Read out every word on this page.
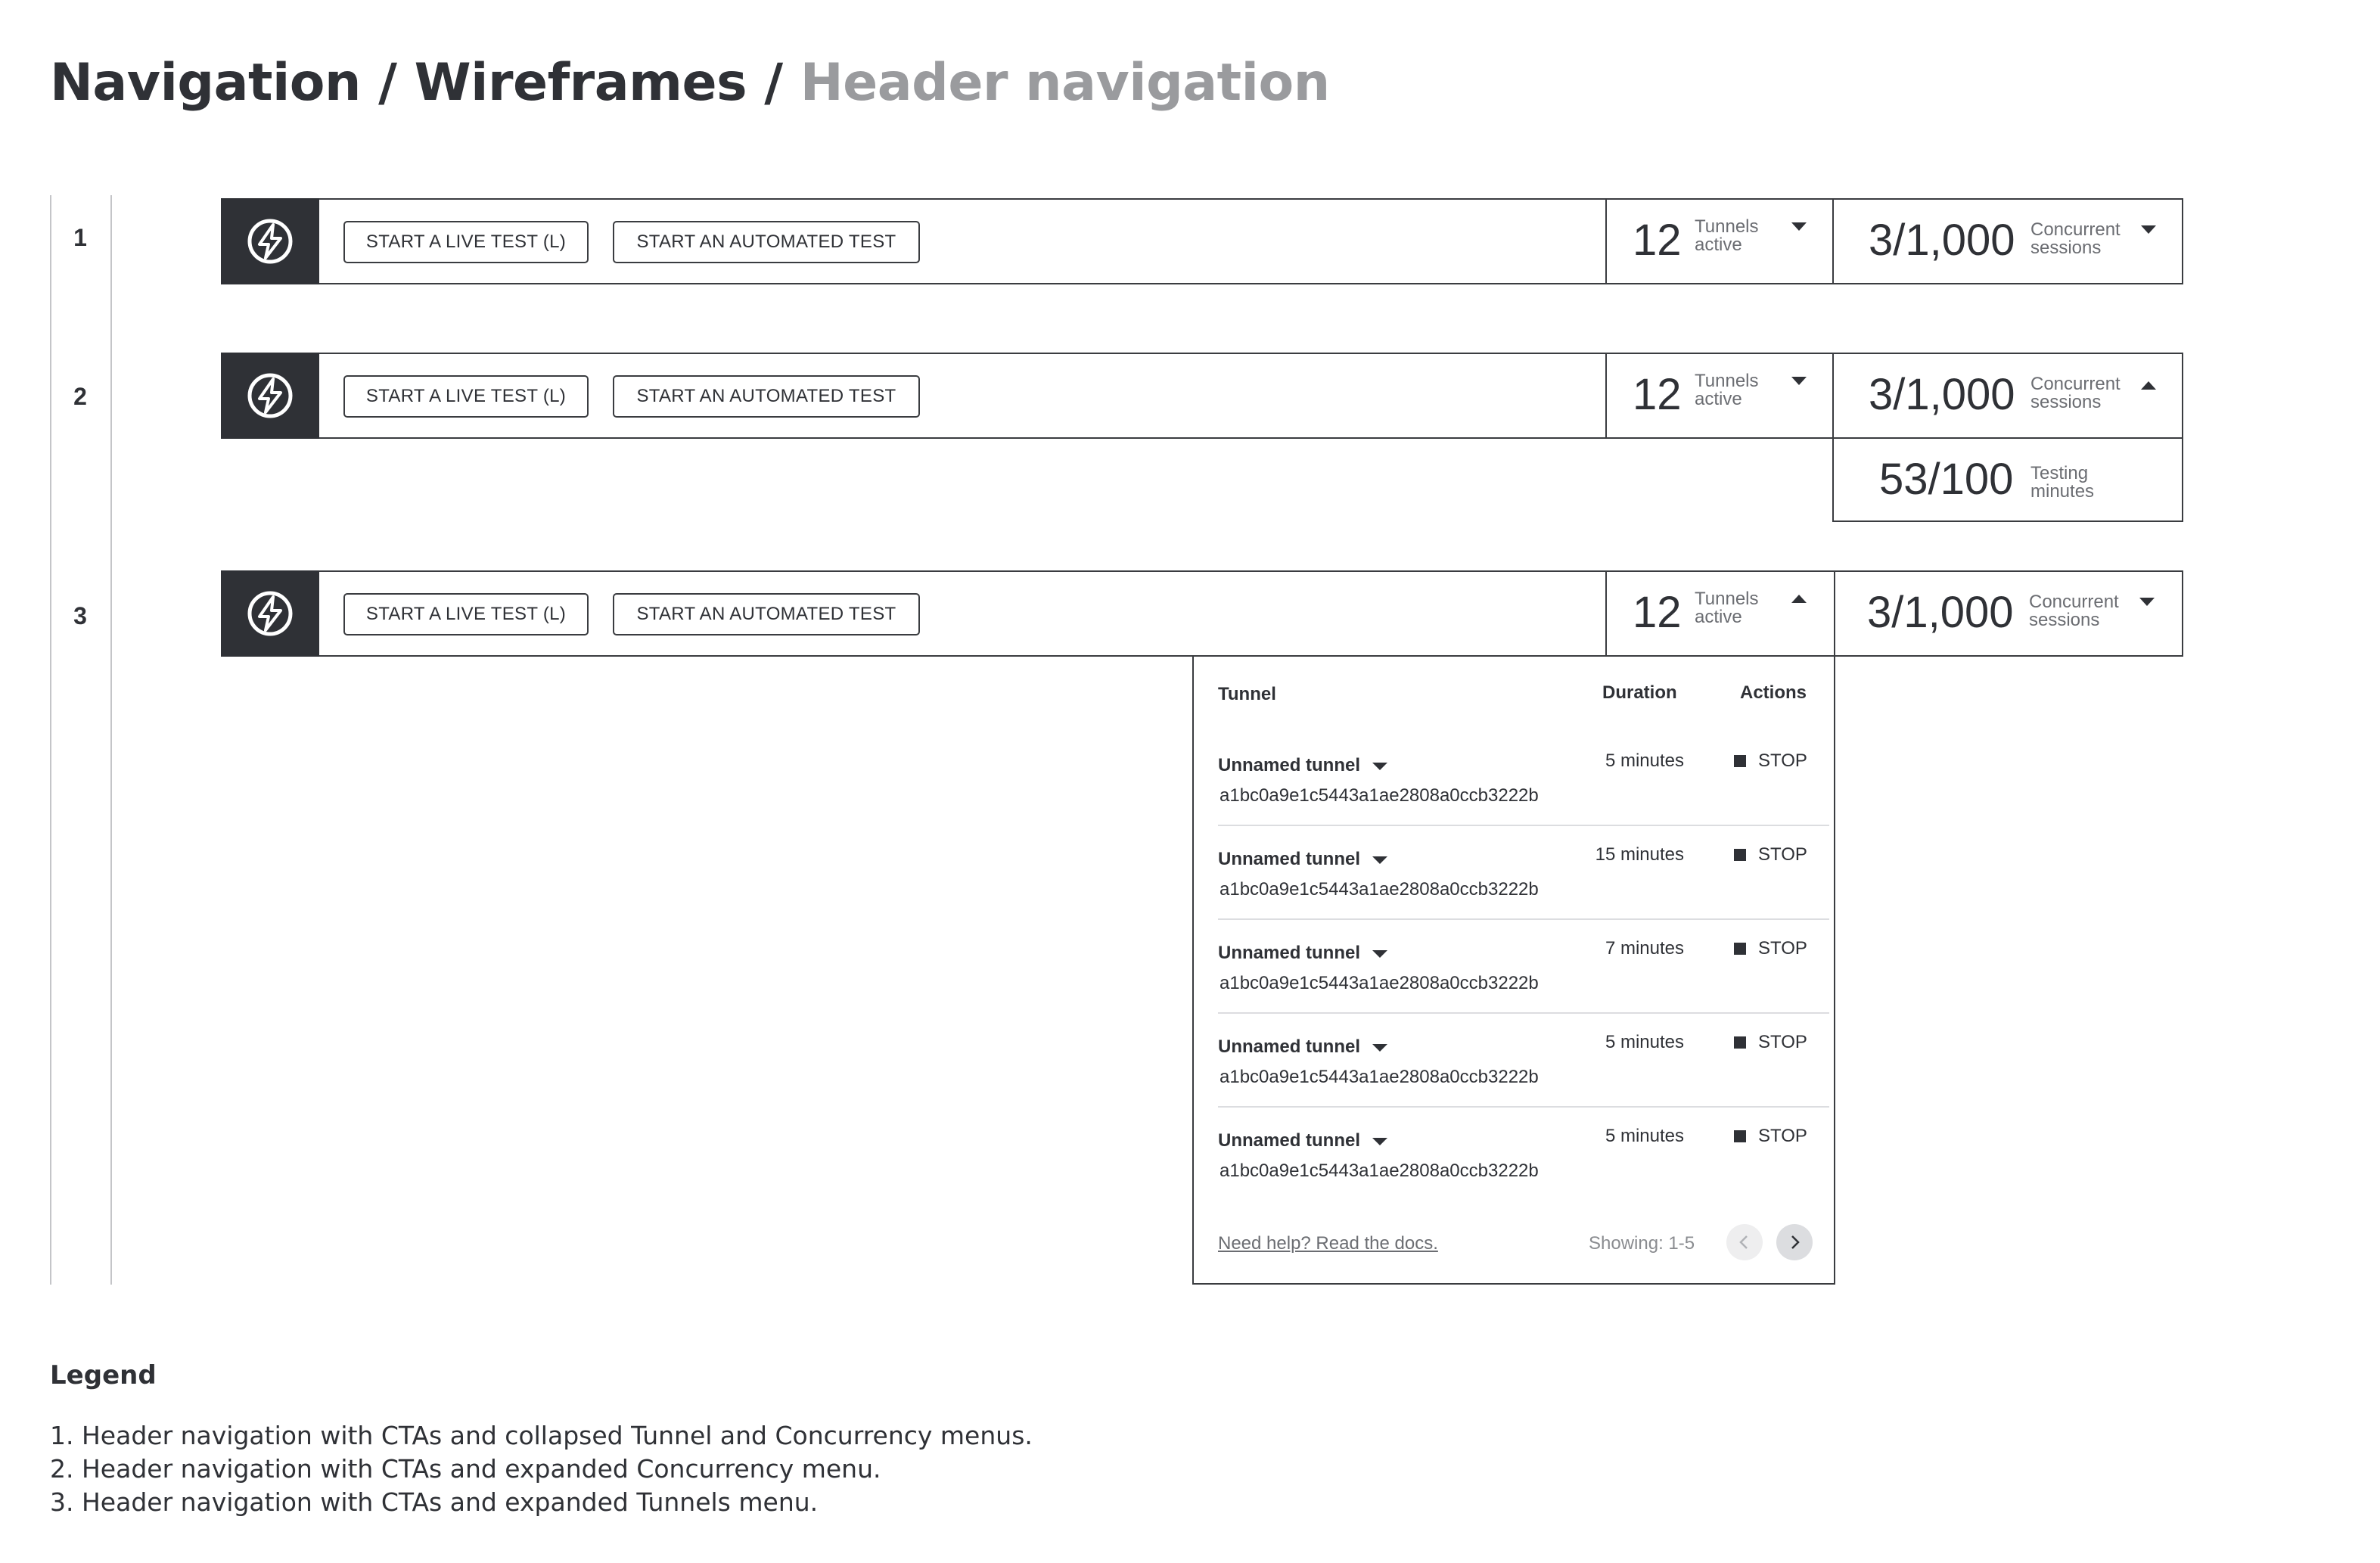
Navigation / Wireframes / Header navigation
1
2
3
START A LIVE TEST (L)	START AN AUTOMATED TEST	12 Tunnels
active	3/1,000 Concurrent
sessions
START A LIVE TEST (L)	START AN AUTOMATED TEST	12 Tunnels
active	3/1,000 Concurrent
sessions
53/100 Testing
minutes
START A LIVE TEST (L)	START AN AUTOMATED TEST	12 Tunnels
active	3/1,000 Concurrent
sessions
Tunnel	Duration	Actions
Unnamed tunnel
a1bc0a9e1c5443a1ae2808a0ccb3222b
5 minutes	STOP
Unnamed tunnel
a1bc0a9e1c5443a1ae2808a0ccb3222b
15 minutes	STOP
Unnamed tunnel
a1bc0a9e1c5443a1ae2808a0ccb3222b
7 minutes	STOP
Unnamed tunnel
a1bc0a9e1c5443a1ae2808a0ccb3222b
5 minutes	STOP
Unnamed tunnel
a1bc0a9e1c5443a1ae2808a0ccb3222b
5 minutes	STOP
Need help? Read the docs.	Showing: 1-5
Legend
1. Header navigation with CTAs and collapsed Tunnel and Concurrency menus.
2. Header navigation with CTAs and expanded Concurrency menu.
3. Header navigation with CTAs and expanded Tunnels menu.
